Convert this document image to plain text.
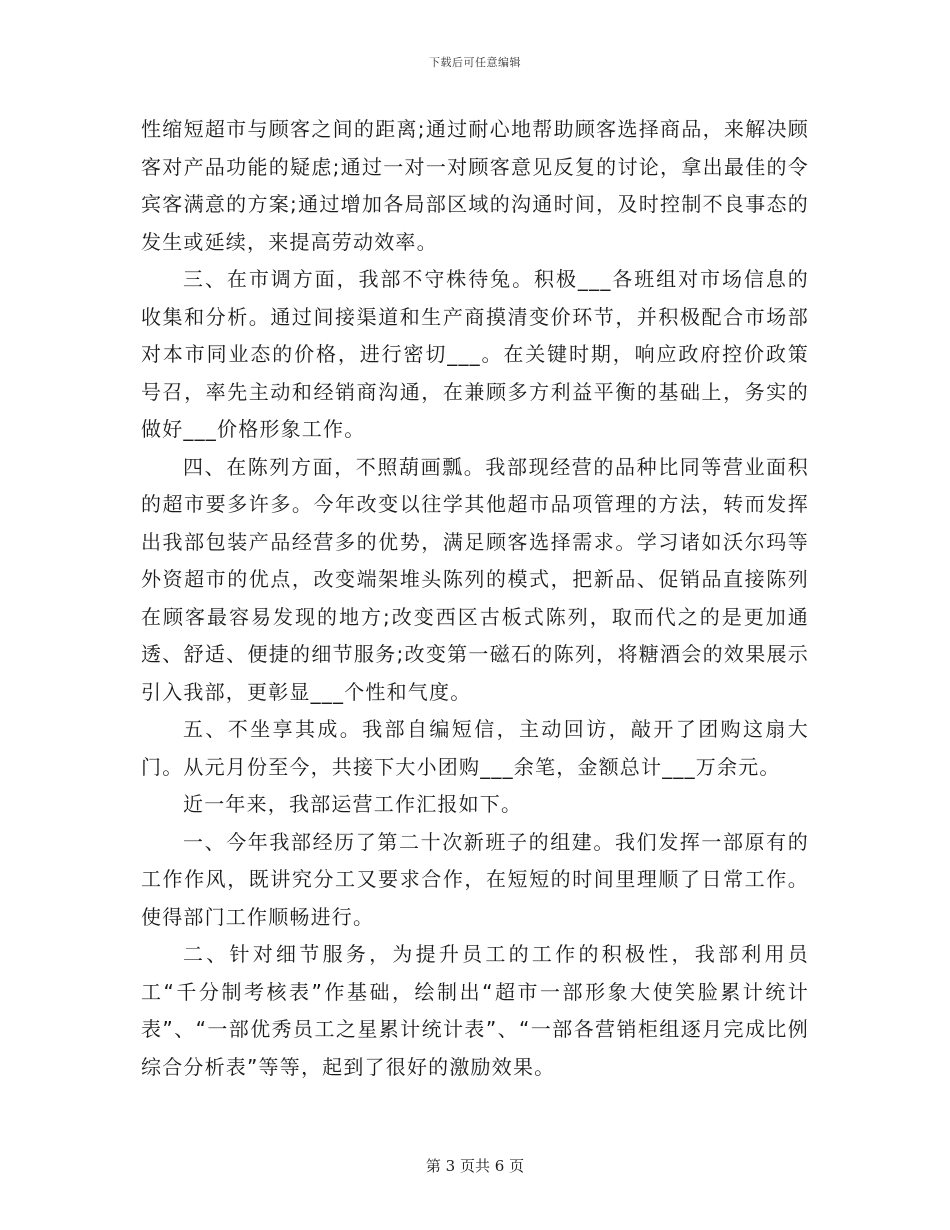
下载后可任意编辑

性缩短超市与顾客之间的距离;通过耐心地帮助顾客选择商品，来解决顾客对产品功能的疑虑;通过一对一对顾客意见反复的讨论，拿出最佳的令宾客满意的方案;通过增加各局部区域的沟通时间，及时控制不良事态的发生或延续，来提高劳动效率。

三、在市调方面，我部不守株待兔。积极___各班组对市场信息的收集和分析。通过间接渠道和生产商摸清变价环节，并积极配合市场部对本市同业态的价格，进行密切___。在关键时期，响应政府控价政策号召，率先主动和经销商沟通，在兼顾多方利益平衡的基础上，务实的做好___价格形象工作。

四、在陈列方面，不照葫画瓢。我部现经营的品种比同等营业面积的超市要多许多。今年改变以往学其他超市品项管理的方法，转而发挥出我部包装产品经营多的优势，满足顾客选择需求。学习诸如沃尔玛等外资超市的优点，改变端架堆头陈列的模式，把新品、促销品直接陈列在顾客最容易发现的地方;改变西区古板式陈列，取而代之的是更加通透、舒适、便捷的细节服务;改变第一磁石的陈列，将糖酒会的效果展示引入我部，更彰显___个性和气度。

五、不坐享其成。我部自编短信，主动回访，敲开了团购这扇大门。从元月份至今，共接下大小团购___余笔，金额总计___万余元。

近一年来，我部运营工作汇报如下。

一、今年我部经历了第二十次新班子的组建。我们发挥一部原有的工作作风，既讲究分工又要求合作，在短短的时间里理顺了日常工作。使得部门工作顺畅进行。

二、针对细节服务，为提升员工的工作的积极性，我部利用员工“千分制考核表”作基础，绘制出“超市一部形象大使笑脸累计统计表”、“一部优秀员工之星累计统计表”、“一部各营销柜组逐月完成比例综合分析表”等等，起到了很好的激励效果。

第 3 页共 6 页
